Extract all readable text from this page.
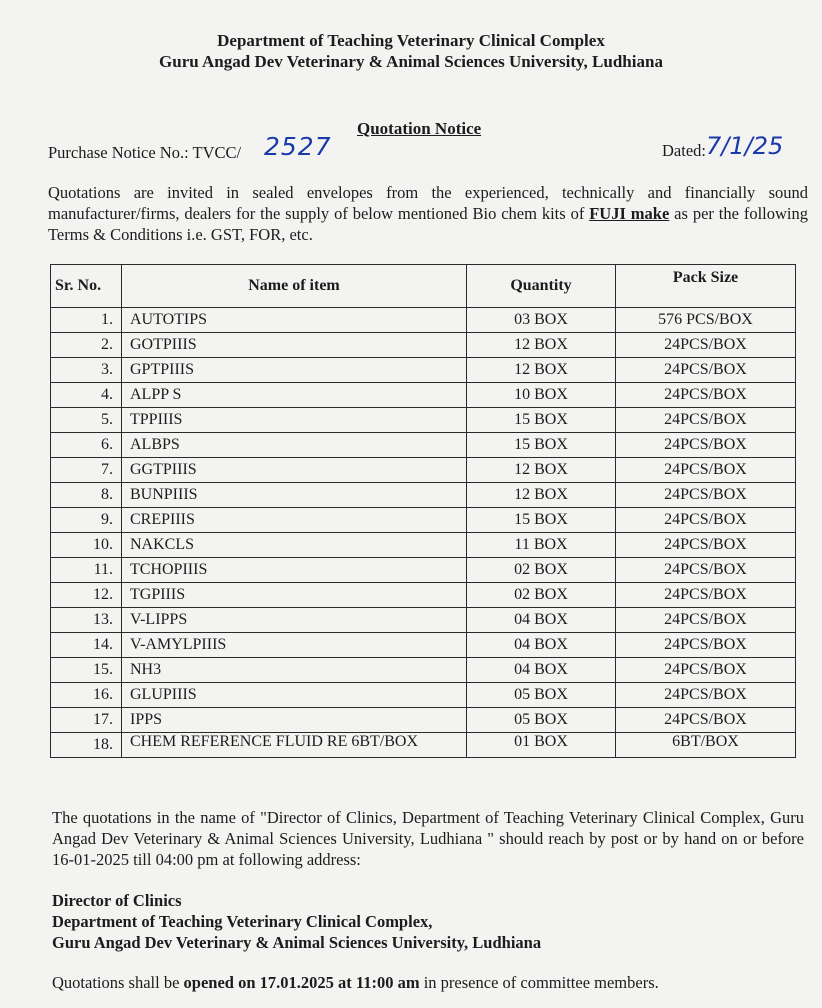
Department of Teaching Veterinary Clinical Complex
Guru Angad Dev Veterinary & Animal Sciences University, Ludhiana
Quotation Notice
Purchase Notice No.: TVCC/ 2527	Dated: 7/1/25
Quotations are invited in sealed envelopes from the experienced, technically and financially sound manufacturer/firms, dealers for the supply of below mentioned Bio chem kits of FUJI make as per the following Terms & Conditions i.e. GST, FOR, etc.
Sr. No.	Name of item	Quantity	Pack Size
1.	AUTOTIPS	03 BOX	576 PCS/BOX
2.	GOTPIIIS	12 BOX	24PCS/BOX
3.	GPTPIIIS	12 BOX	24PCS/BOX
4.	ALPP S	10 BOX	24PCS/BOX
5.	TPPIIIS	15 BOX	24PCS/BOX
6.	ALBPS	15 BOX	24PCS/BOX
7.	GGTPIIIS	12 BOX	24PCS/BOX
8.	BUNPIIIS	12 BOX	24PCS/BOX
9.	CREPIIIS	15 BOX	24PCS/BOX
10.	NAKCLS	11 BOX	24PCS/BOX
11.	TCHOPIIIS	02 BOX	24PCS/BOX
12.	TGPIIIS	02 BOX	24PCS/BOX
13.	V-LIPPS	04 BOX	24PCS/BOX
14.	V-AMYLPIIIS	04 BOX	24PCS/BOX
15.	NH3	04 BOX	24PCS/BOX
16.	GLUPIIIS	05 BOX	24PCS/BOX
17.	IPPS	05 BOX	24PCS/BOX
18.	CHEM REFERENCE FLUID RE 6BT/BOX	01 BOX	6BT/BOX
The quotations in the name of "Director of Clinics, Department of Teaching Veterinary Clinical Complex, Guru Angad Dev Veterinary & Animal Sciences University, Ludhiana " should reach by post or by hand on or before 16-01-2025 till 04:00 pm at following address:
Director of Clinics
Department of Teaching Veterinary Clinical Complex,
Guru Angad Dev Veterinary & Animal Sciences University, Ludhiana
Quotations shall be opened on 17.01.2025 at 11:00 am in presence of committee members.
